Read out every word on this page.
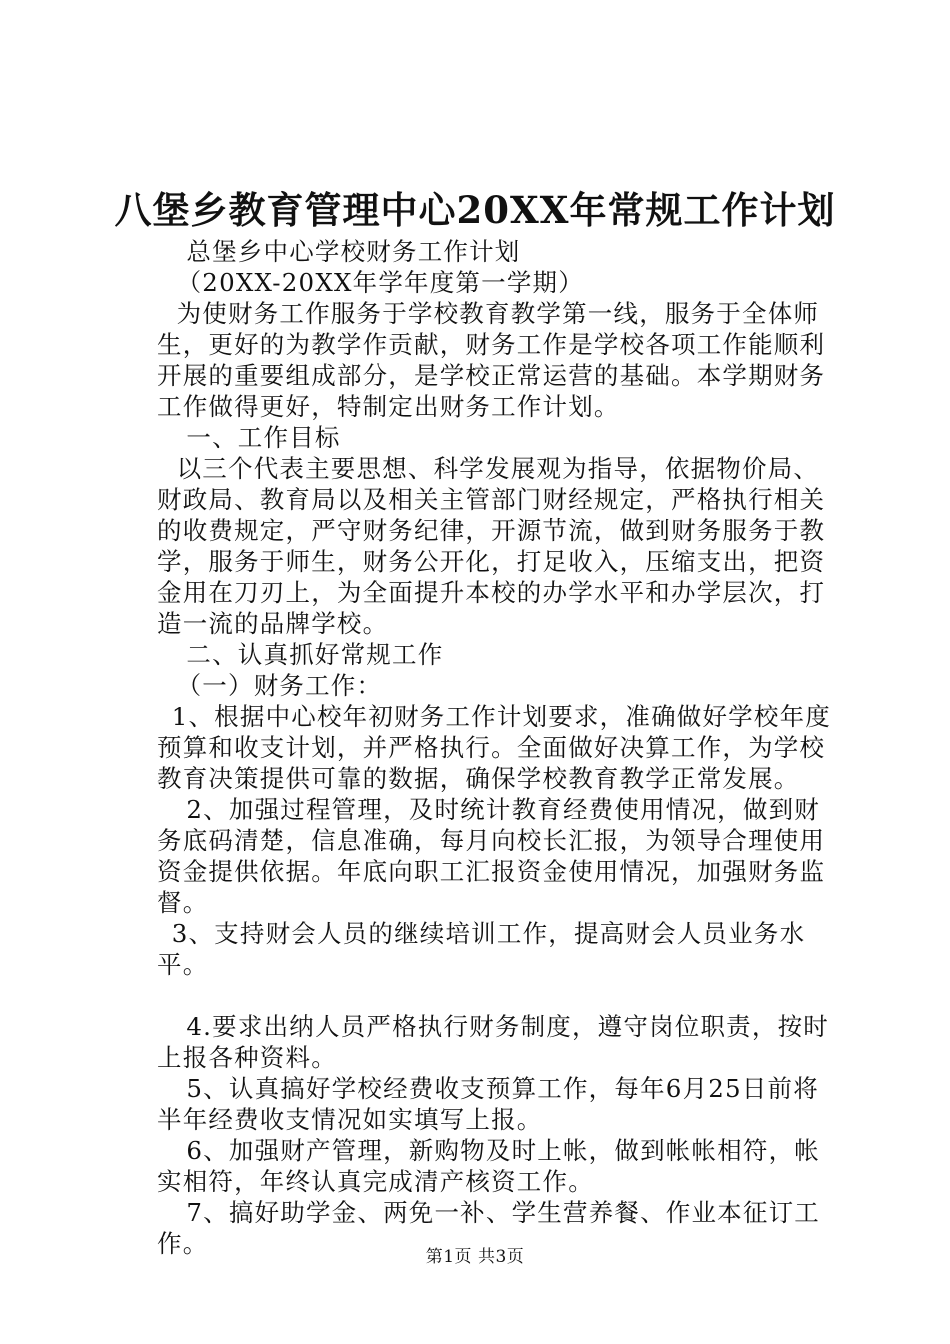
八堡乡教育管理中心20XX年常规工作计划

总堡乡中心学校财务工作计划

（20XX-20XX年学年度第一学期）

为使财务工作服务于学校教育教学第一线，服务于全体师生，更好的为教学作贡献，财务工作是学校各项工作能顺利开展的重要组成部分，是学校正常运营的基础。本学期财务工作做得更好，特制定出财务工作计划。

一、工作目标

以三个代表主要思想、科学发展观为指导，依据物价局、财政局、教育局以及相关主管部门财经规定，严格执行相关的收费规定，严守财务纪律，开源节流，做到财务服务于教学，服务于师生，财务公开化，打足收入，压缩支出，把资金用在刀刃上，为全面提升本校的办学水平和办学层次，打造一流的品牌学校。

二、认真抓好常规工作

（一）财务工作：

1、根据中心校年初财务工作计划要求，准确做好学校年度预算和收支计划，并严格执行。全面做好决算工作，为学校教育决策提供可靠的数据，确保学校教育教学正常发展。

2、加强过程管理，及时统计教育经费使用情况，做到财务底码清楚，信息准确，每月向校长汇报，为领导合理使用资金提供依据。年底向职工汇报资金使用情况，加强财务监督。

3、支持财会人员的继续培训工作，提高财会人员业务水平。

4.要求出纳人员严格执行财务制度，遵守岗位职责，按时上报各种资料。

5、认真搞好学校经费收支预算工作，每年6月25日前将半年经费收支情况如实填写上报。

6、加强财产管理，新购物及时上帐，做到帐帐相符，帐实相符，年终认真完成清产核资工作。

7、搞好助学金、两免一补、学生营养餐、作业本征订工作。	第1页 共3页
